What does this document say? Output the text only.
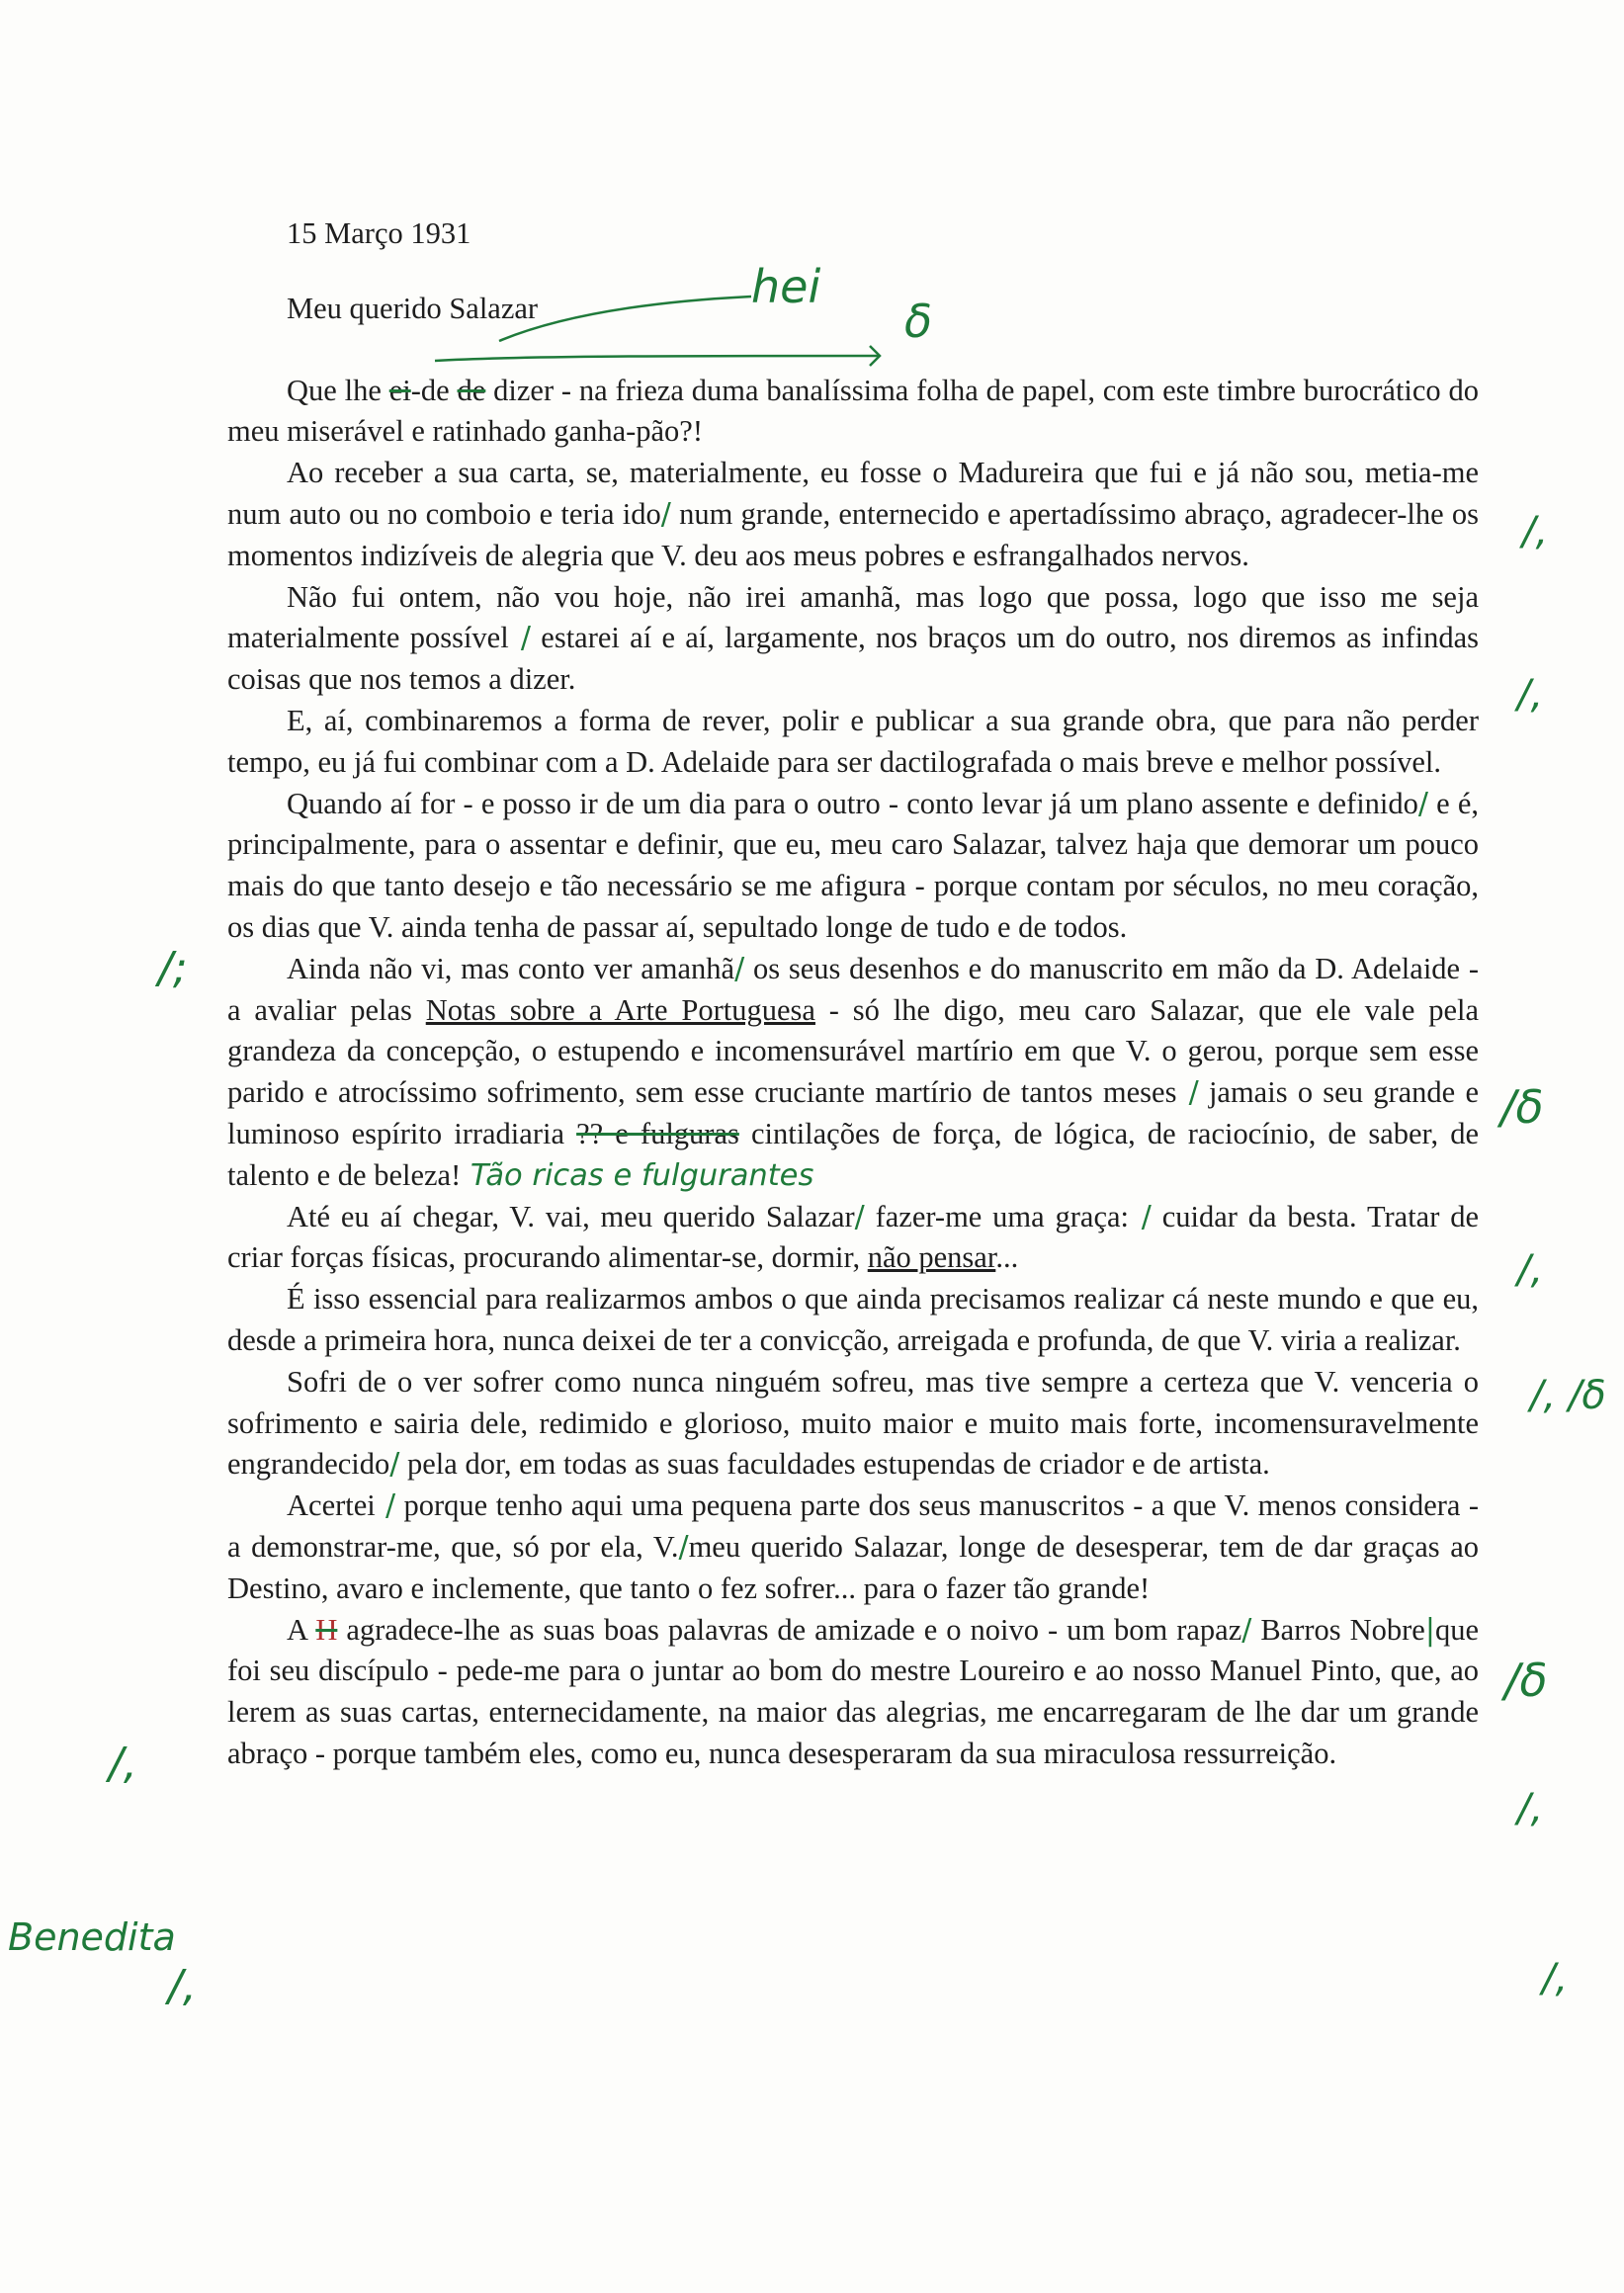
hei
δ

15 Março 1931

Meu querido Salazar

Que lhe ei-de de dizer - na frieza duma banalíssima folha de papel, com este timbre burocrático do meu miserável e ratinhado ganha-pão?!

Ao receber a sua carta, se, materialmente, eu fosse o Madureira que fui e já não sou, metia-me num auto ou no comboio e teria ido/ num grande, enternecido e apertadíssimo abraço, agradecer-lhe os momentos indizíveis de alegria que V. deu aos meus pobres e esfrangalhados nervos.

Não fui ontem, não vou hoje, não irei amanhã, mas logo que possa, logo que isso me seja materialmente possível / estarei aí e aí, largamente, nos braços um do outro, nos diremos as infindas coisas que nos temos a dizer.

E, aí, combinaremos a forma de rever, polir e publicar a sua grande obra, que para não perder tempo, eu já fui combinar com a D. Adelaide para ser dactilografada o mais breve e melhor possível.

Quando aí for - e posso ir de um dia para o outro - conto levar já um plano assente e definido/ e é, principalmente, para o assentar e definir, que eu, meu caro Salazar, talvez haja que demorar um pouco mais do que tanto desejo e tão necessário se me afigura - porque contam por séculos, no meu coração, os dias que V. ainda tenha de passar aí, sepultado longe de tudo e de todos.

Ainda não vi, mas conto ver amanhã/ os seus desenhos e do manuscrito em mão da D. Adelaide - a avaliar pelas Notas sobre a Arte Portuguesa - só lhe digo, meu caro Salazar, que ele vale pela grandeza da concepção, o estupendo e incomensurável martírio em que V. o gerou, porque sem esse parido e atrocíssimo sofrimento, sem esse cruciante martírio de tantos meses / jamais o seu grande e luminoso espírito irradiaria ?? e fulguras cintilações de força, de lógica, de raciocínio, de saber, de talento e de beleza! Tão ricas e fulgurantes

Até eu aí chegar, V. vai, meu querido Salazar/ fazer-me uma graça: / cuidar da besta. Tratar de criar forças físicas, procurando alimentar-se, dormir, não pensar...

É isso essencial para realizarmos ambos o que ainda precisamos realizar cá neste mundo e que eu, desde a primeira hora, nunca deixei de ter a convicção, arreigada e profunda, de que V. viria a realizar.

Sofri de o ver sofrer como nunca ninguém sofreu, mas tive sempre a certeza que V. venceria o sofrimento e sairia dele, redimido e glorioso, muito maior e muito mais forte, incomensuravelmente engrandecido/ pela dor, em todas as suas faculdades estupendas de criador e de artista.

Acertei / porque tenho aqui uma pequena parte dos seus manuscritos - a que V. menos considera - a demonstrar-me, que, só por ela, V./meu querido Salazar, longe de desesperar, tem de dar graças ao Destino, avaro e inclemente, que tanto o fez sofrer... para o fazer tão grande!

A H agradece-lhe as suas boas palavras de amizade e o noivo - um bom rapaz/ Barros Nobre|que foi seu discípulo - pede-me para o juntar ao bom do mestre Loureiro e ao nosso Manuel Pinto, que, ao lerem as suas cartas, enternecidamente, na maior das alegrias, me encarregaram de lhe dar um grande abraço - porque também eles, como eu, nunca desesperaram da sua miraculosa ressurreição.

/,
/,
/δ
/,
/, /δ
/δ
/,
/,
/;
/,
Benedita
/,
